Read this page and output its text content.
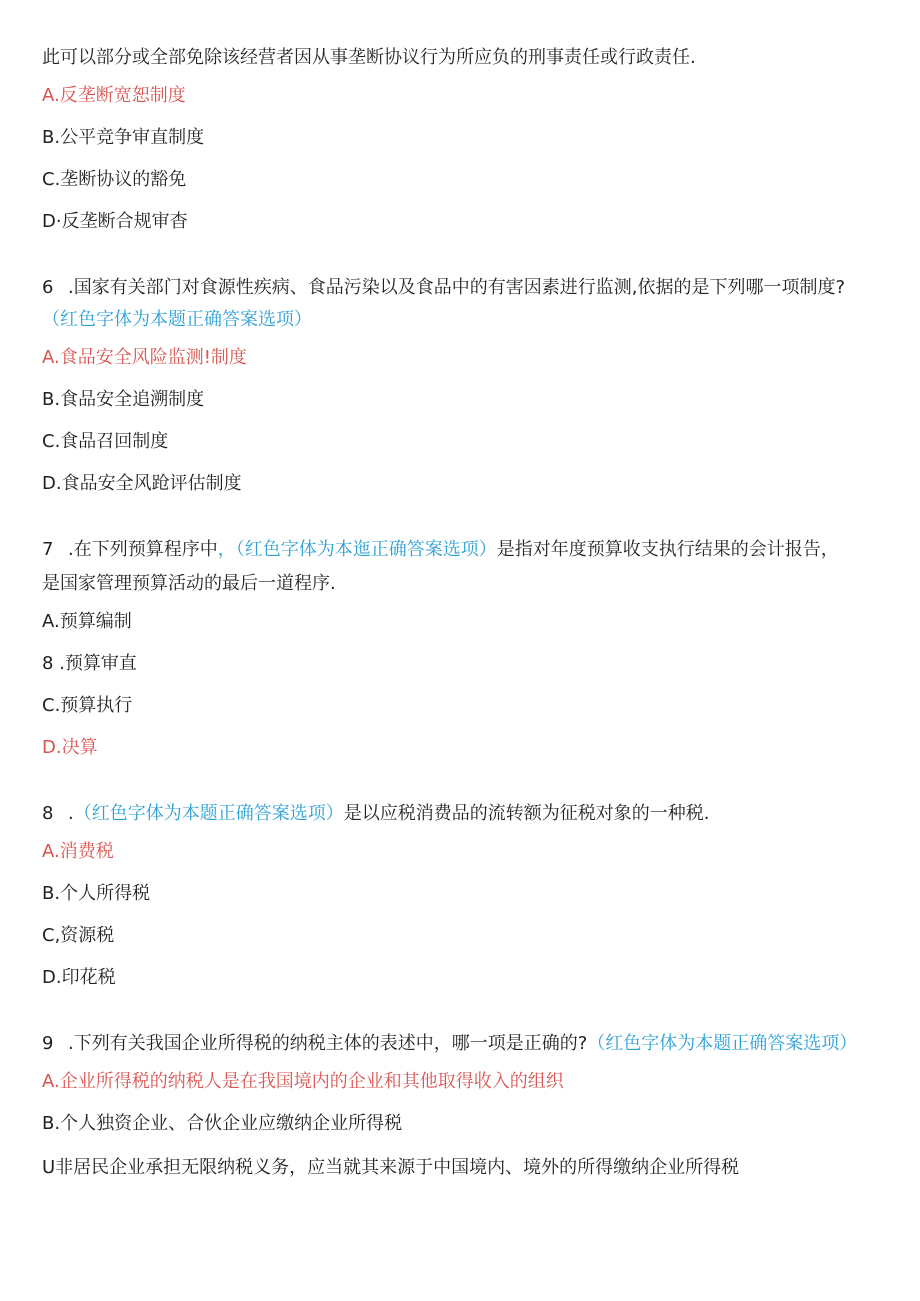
此可以部分或全部免除该经营者因从事垄断协议行为所应负的刑事责任或行政责任.
A.反垄断宽恕制度
B.公平竞争审直制度
C.垄断协议的豁免
D·反垄断合规审杳
6 .国家有关部门对食源性疾病、食品污染以及食品中的有害因素进行监测,依据的是下列哪一项制度?
（红色字体为本题正确答案选项）
A.食品安全风险监测!制度
B.食品安全追溯制度
C.食品召回制度
D.食品安全风跄评估制度
7 .在下列预算程序中，（红色字体为本迤正确答案选项）是指对年度预算收支执行结果的会计报告，
是国家管理预算活动的最后一道程序.
A.预算编制
8 .预算审直
C.预算执行
D.决算
8 .（红色字体为本题正确答案选项）是以应税消费品的流转额为征税对象的一种税.
A.消费税
B.个人所得税
C,资源税
D.印花税
9 .下列有关我国企业所得税的纳税主体的表述中，哪一项是正确的?（红色字体为本题正确答案选项）
A.企业所得税的纳税人是在我国境内的企业和其他取得收入的组织
B.个人独资企业、合伙企业应缴纳企业所得税
U非居民企业承担无限纳税义务，应当就其来源于中国境内、境外的所得缴纳企业所得税
